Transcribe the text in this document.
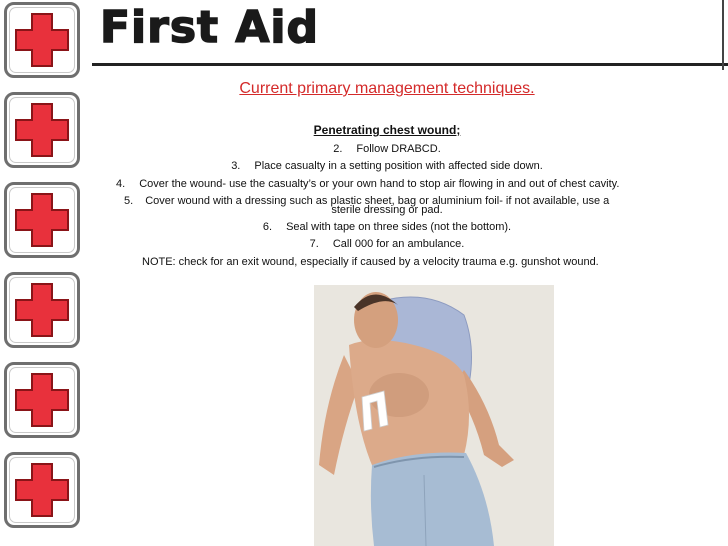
First Aid
Current primary management techniques.
Penetrating chest wound;
2. Follow DRABCD.
3. Place casualty in a setting position with affected side down.
4. Cover the wound- use the casualty’s or your own hand to stop air flowing in and out of chest cavity.
5. Cover wound with a dressing such as plastic sheet, bag or aluminium foil- if not available, use a
sterile dressing or pad.
6. Seal with tape on three sides (not the bottom).
7. Call 000 for an ambulance.
NOTE: check for an exit wound, especially if caused by a velocity trauma e.g. gunshot wound.
